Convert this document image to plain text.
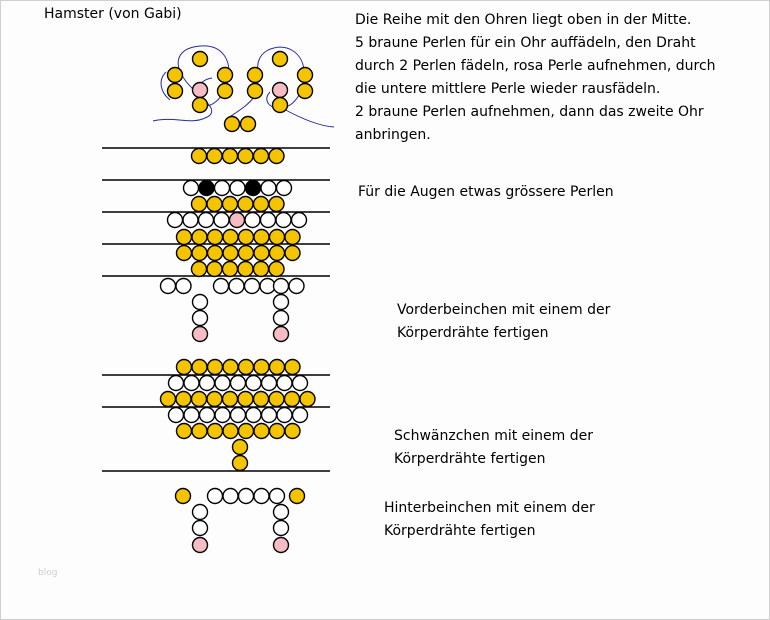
Hamster (von Gabi)	Die Reihe mit den Ohren liegt oben in der Mitte.
5 braune Perlen für ein Ohr auffädeln, den Draht
durch 2 Perlen fädeln, rosa Perle aufnehmen, durch
die untere mittlere Perle wieder rausfädeln.
2 braune Perlen aufnehmen, dann das zweite Ohr
anbringen.

Für die Augen etwas grössere Perlen

Vorderbeinchen mit einem der
Körperdrähte fertigen

Schwänzchen mit einem der
Körperdrähte fertigen

Hinterbeinchen mit einem der
Körperdrähte fertigen

blog
